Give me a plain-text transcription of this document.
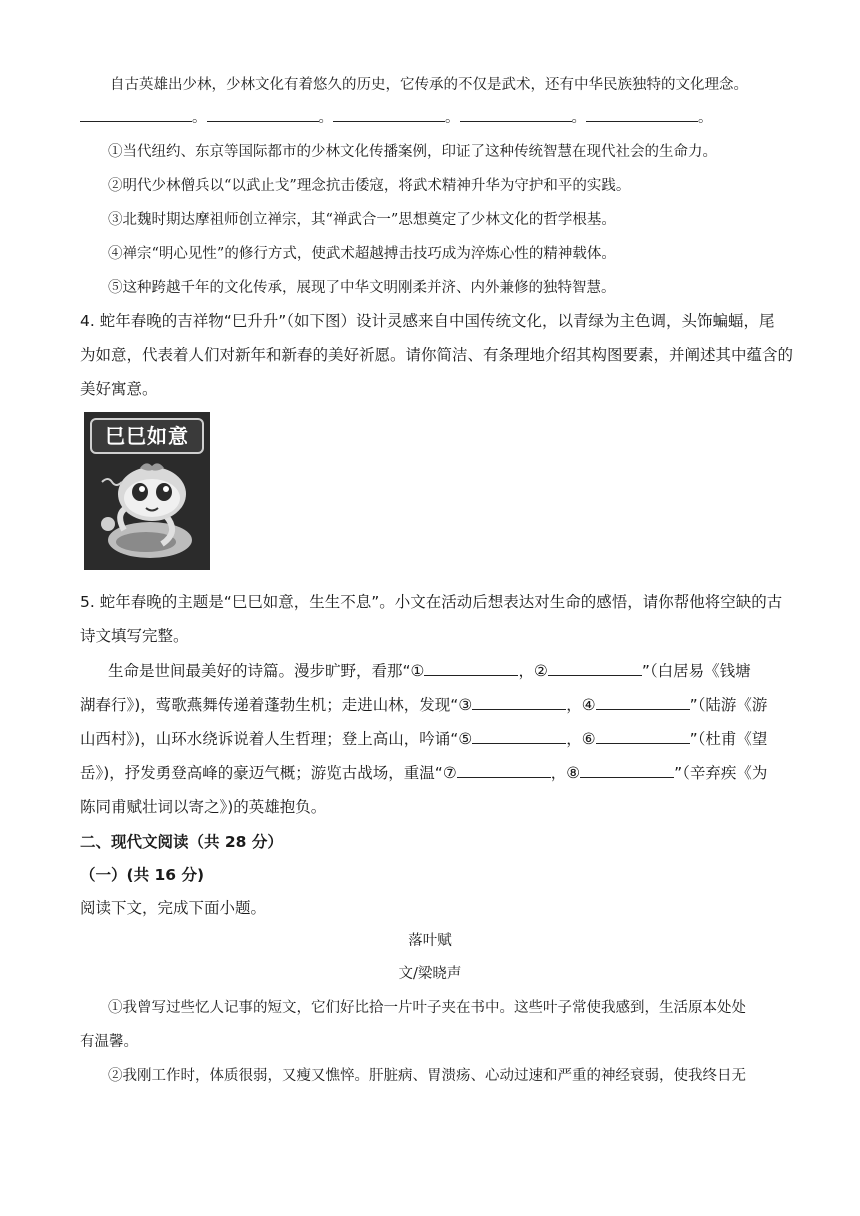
自古英雄出少林，少林文化有着悠久的历史，它传承的不仅是武术，还有中华民族独特的文化理念。
。	。	。	。	。
①当代纽约、东京等国际都市的少林文化传播案例，印证了这种传统智慧在现代社会的生命力。
②明代少林僧兵以“以武止戈”理念抗击倭寇，将武术精神升华为守护和平的实践。
③北魏时期达摩祖师创立禅宗，其“禅武合一”思想奠定了少林文化的哲学根基。
④禅宗“明心见性”的修行方式，使武术超越搏击技巧成为淬炼心性的精神载体。
⑤这种跨越千年的文化传承，展现了中华文明刚柔并济、内外兼修的独特智慧。
4. 蛇年春晚的吉祥物“巳升升”（如下图）设计灵感来自中国传统文化，以青绿为主色调，头饰蝙蝠，尾
为如意，代表着人们对新年和新春的美好祈愿。请你简洁、有条理地介绍其构图要素，并阐述其中蕴含的
美好寓意。
巳巳如意
5. 蛇年春晚的主题是“巳巳如意，生生不息”。小文在活动后想表达对生命的感悟，请你帮他将空缺的古
诗文填写完整。
生命是世间最美好的诗篇。漫步旷野，看那“①	，②	”（白居易《钱塘
湖春行》)，莺歌燕舞传递着蓬勃生机；走进山林，发现“③	，④	”（陆游《游
山西村》)，山环水绕诉说着人生哲理；登上高山，吟诵“⑤	，⑥	”（杜甫《望
岳》)，抒发勇登高峰的豪迈气概；游览古战场，重温“⑦	，⑧	”（辛弃疾《为
陈同甫赋壮词以寄之》)的英雄抱负。
二、现代文阅读（共 28 分）
（一）(共 16 分)
阅读下文，完成下面小题。
落叶赋
文/梁晓声
①我曾写过些忆人记事的短文，它们好比拾一片叶子夹在书中。这些叶子常使我感到，生活原本处处
有温馨。
②我刚工作时，体质很弱，又瘦又憔悴。肝脏病、胃溃疡、心动过速和严重的神经衰弱，使我终日无
